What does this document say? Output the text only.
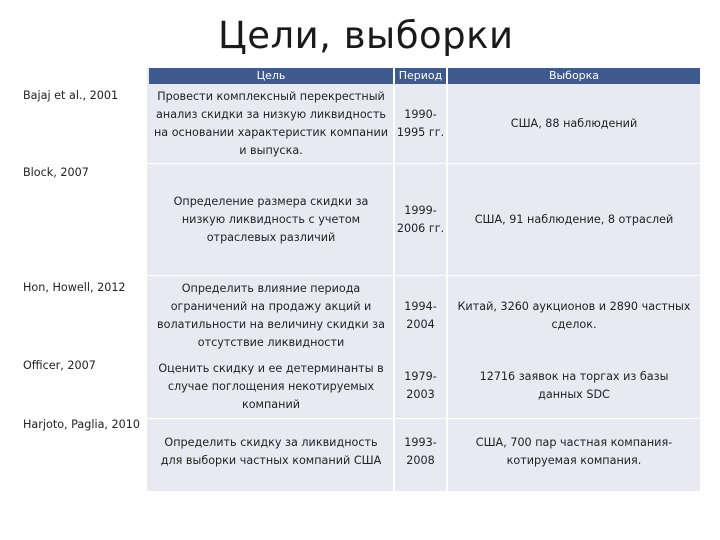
Цели, выборки
Цель	Период	Выборка
Bajaj et al., 2001
Block, 2007
Hon, Howell, 2012
Officer, 2007
Harjoto, Paglia, 2010
Провести комплексный перекрестный анализ скидки за низкую ликвидность на основании характеристик компании и выпуска.
1990-1995 гг.
США, 88 наблюдений
Определение размера скидки за низкую ликвидность с учетом отраслевых различий
1999-2006 гг.
США, 91 наблюдение, 8 отраслей
Определить влияние периода ограничений на продажу акций и волатильности на величину скидки за отсутствие ликвидности
1994-2004
Китай, 3260 аукционов и 2890 частных сделок.
Оценить скидку и ее детерминанты в случае поглощения некотируемых компаний
1979-2003
12716 заявок на торгах из базы данных SDC
Определить скидку за ликвидность для выборки частных компаний США
1993-2008
США, 700 пар частная компания-котируемая компания.
